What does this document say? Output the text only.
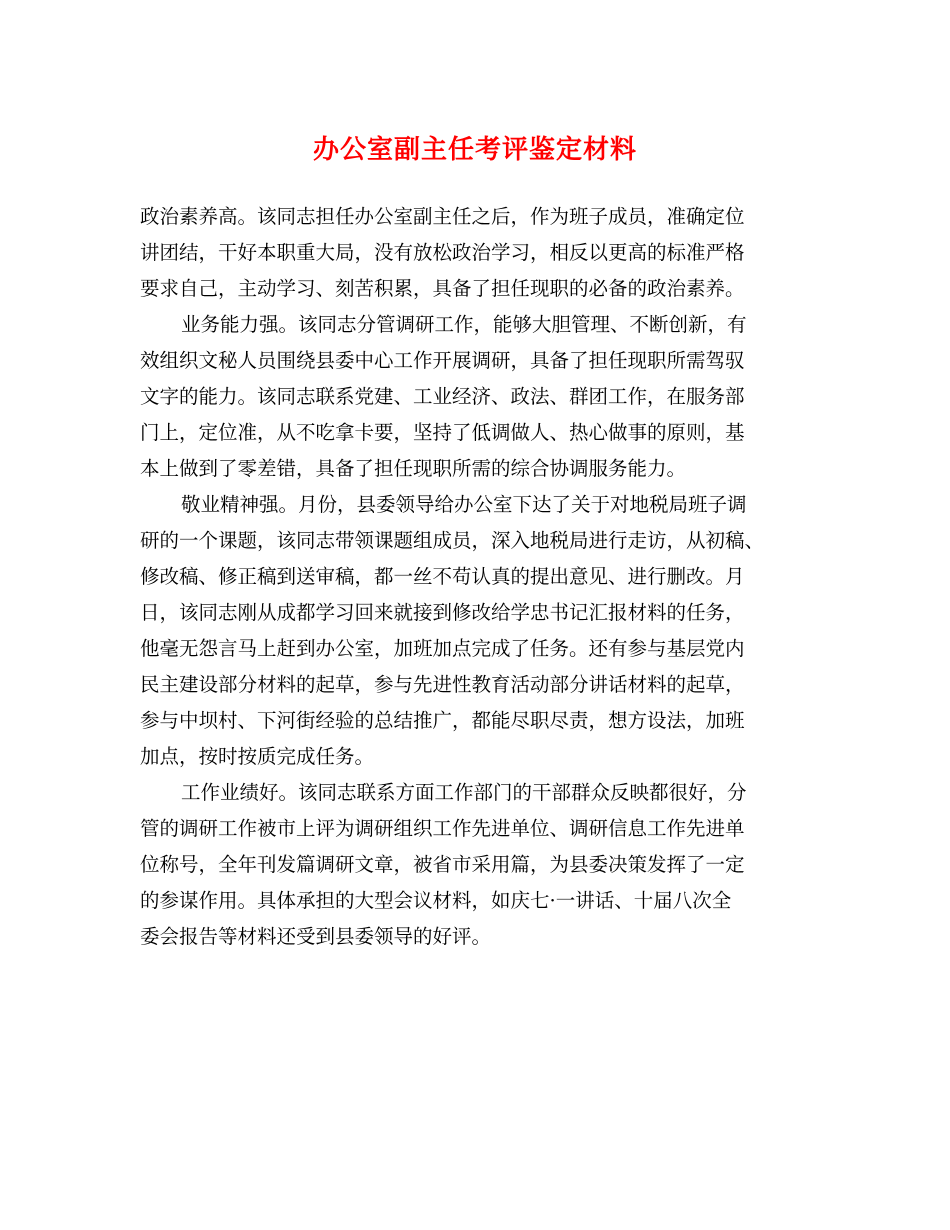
办公室副主任考评鉴定材料
政治素养高。该同志担任办公室副主任之后，作为班子成员，准确定位
讲团结，干好本职重大局，没有放松政治学习，相反以更高的标准严格
要求自己，主动学习、刻苦积累，具备了担任现职的必备的政治素养。
业务能力强。该同志分管调研工作，能够大胆管理、不断创新，有
效组织文秘人员围绕县委中心工作开展调研，具备了担任现职所需驾驭
文字的能力。该同志联系党建、工业经济、政法、群团工作，在服务部
门上，定位准，从不吃拿卡要，坚持了低调做人、热心做事的原则，基
本上做到了零差错，具备了担任现职所需的综合协调服务能力。
敬业精神强。月份，县委领导给办公室下达了关于对地税局班子调
研的一个课题，该同志带领课题组成员，深入地税局进行走访，从初稿、
修改稿、修正稿到送审稿，都一丝不苟认真的提出意见、进行删改。月
日，该同志刚从成都学习回来就接到修改给学忠书记汇报材料的任务，
他毫无怨言马上赶到办公室，加班加点完成了任务。还有参与基层党内
民主建设部分材料的起草，参与先进性教育活动部分讲话材料的起草，
参与中坝村、下河街经验的总结推广，都能尽职尽责，想方设法，加班
加点，按时按质完成任务。
工作业绩好。该同志联系方面工作部门的干部群众反映都很好，分
管的调研工作被市上评为调研组织工作先进单位、调研信息工作先进单
位称号，全年刊发篇调研文章，被省市采用篇，为县委决策发挥了一定
的参谋作用。具体承担的大型会议材料，如庆七·一讲话、十届八次全
委会报告等材料还受到县委领导的好评。
